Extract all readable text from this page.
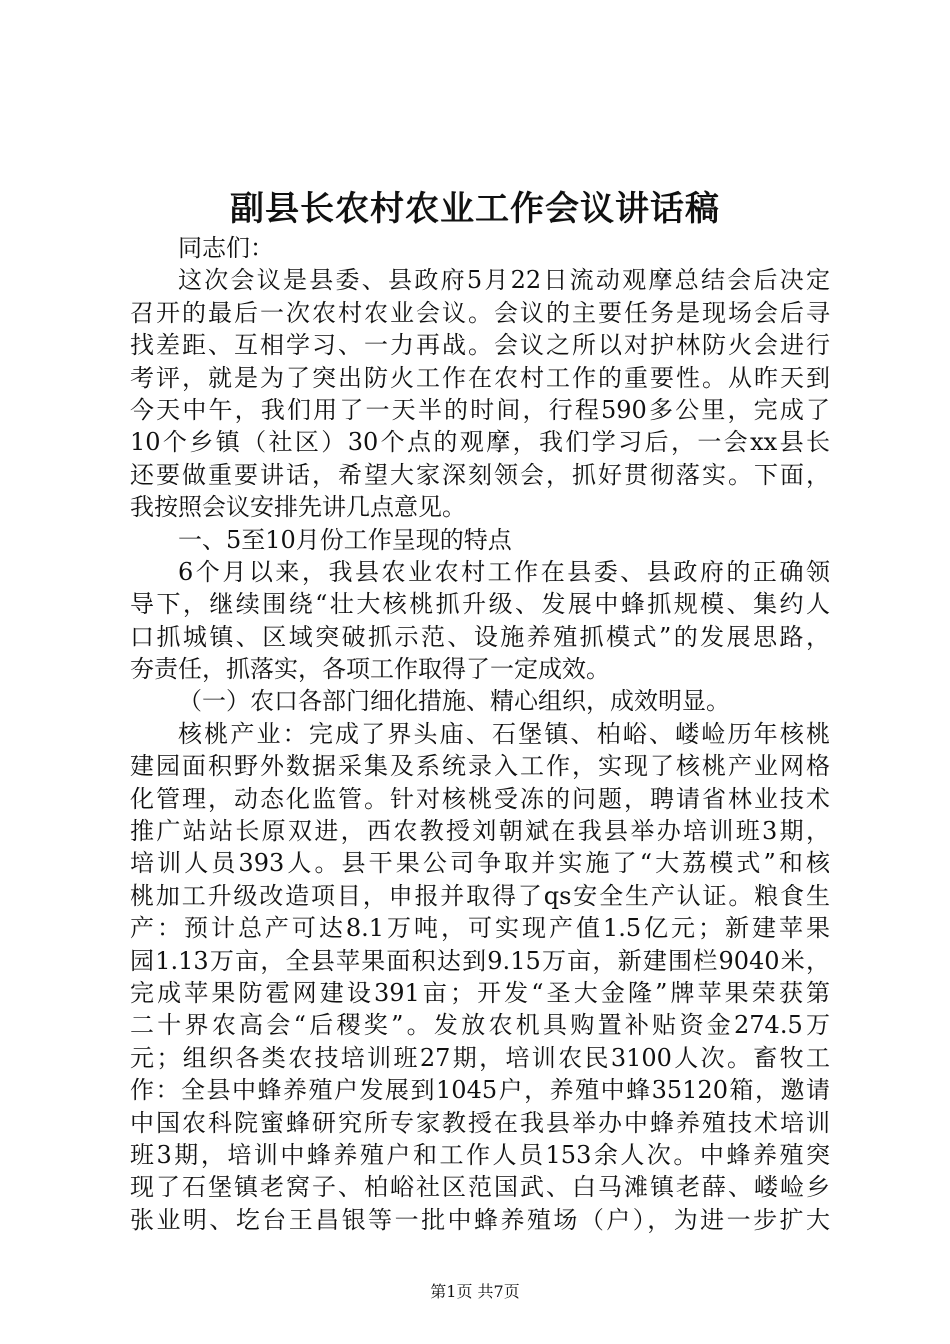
副县长农村农业工作会议讲话稿
同志们：
这次会议是县委、县政府5月22日流动观摩总结会后决定
召开的最后一次农村农业会议。会议的主要任务是现场会后寻
找差距、互相学习、一力再战。会议之所以对护林防火会进行
考评，就是为了突出防火工作在农村工作的重要性。从昨天到
今天中午，我们用了一天半的时间，行程590多公里，完成了
10个乡镇（社区）30个点的观摩，我们学习后，一会xx县长
还要做重要讲话，希望大家深刻领会，抓好贯彻落实。下面，
我按照会议安排先讲几点意见。
一、5至10月份工作呈现的特点
6个月以来，我县农业农村工作在县委、县政府的正确领
导下，继续围绕“壮大核桃抓升级、发展中蜂抓规模、集约人
口抓城镇、区域突破抓示范、设施养殖抓模式”的发展思路，
夯责任，抓落实，各项工作取得了一定成效。
（一）农口各部门细化措施、精心组织，成效明显。
核桃产业：完成了界头庙、石堡镇、柏峪、嵝崄历年核桃
建园面积野外数据采集及系统录入工作，实现了核桃产业网格
化管理，动态化监管。针对核桃受冻的问题，聘请省林业技术
推广站站长原双进，西农教授刘朝斌在我县举办培训班3期，
培训人员393人。县干果公司争取并实施了“大荔模式”和核
桃加工升级改造项目，申报并取得了qs安全生产认证。粮食生
产：预计总产可达8.1万吨，可实现产值1.5亿元；新建苹果
园1.13万亩，全县苹果面积达到9.15万亩，新建围栏9040米，
完成苹果防雹网建设391亩；开发“圣大金隆”牌苹果荣获第
二十界农高会“后稷奖”。发放农机具购置补贴资金274.5万
元；组织各类农技培训班27期，培训农民3100人次。畜牧工
作：全县中蜂养殖户发展到1045户，养殖中蜂35120箱，邀请
中国农科院蜜蜂研究所专家教授在我县举办中蜂养殖技术培训
班3期，培训中蜂养殖户和工作人员153余人次。中蜂养殖突
现了石堡镇老窝子、柏峪社区范国武、白马滩镇老薛、嵝崄乡
张业明、圪台王昌银等一批中蜂养殖场（户），为进一步扩大
第1页 共7页
